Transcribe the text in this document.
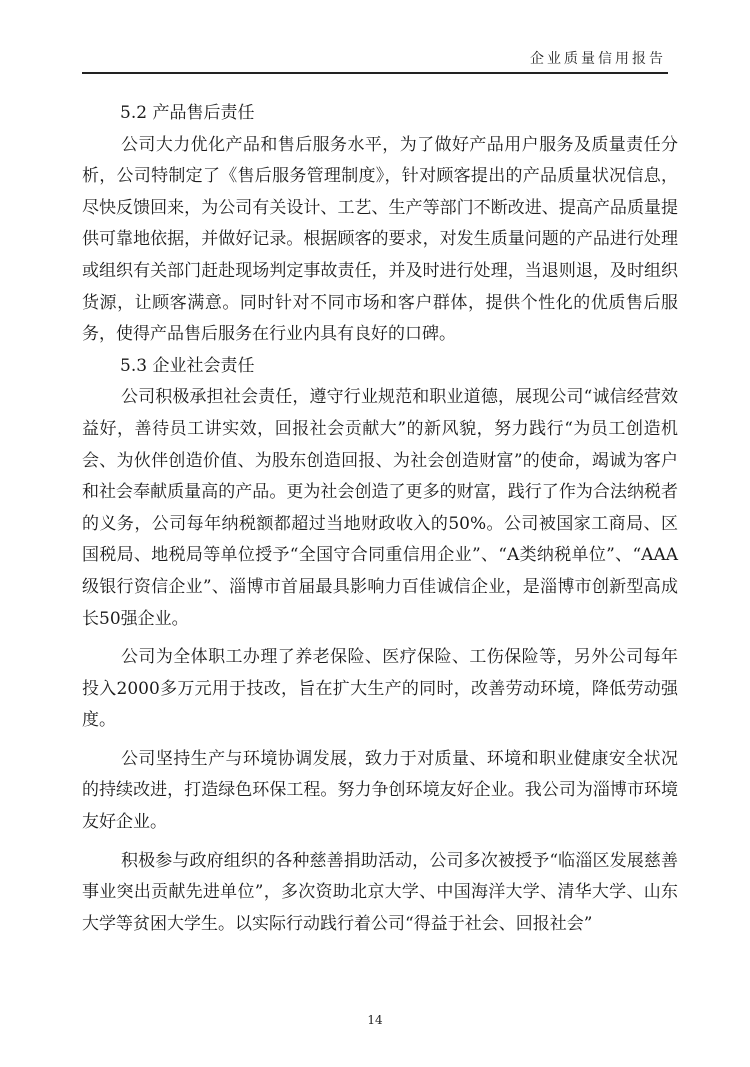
企业质量信用报告
5.2 产品售后责任

公司大力优化产品和售后服务水平，为了做好产品用户服务及质量责任分析，公司特制定了《售后服务管理制度》，针对顾客提出的产品质量状况信息，尽快反馈回来，为公司有关设计、工艺、生产等部门不断改进、提高产品质量提供可靠地依据，并做好记录。根据顾客的要求，对发生质量问题的产品进行处理或组织有关部门赶赴现场判定事故责任，并及时进行处理，当退则退，及时组织货源，让顾客满意。同时针对不同市场和客户群体，提供个性化的优质售后服务，使得产品售后服务在行业内具有良好的口碑。

5.3 企业社会责任

公司积极承担社会责任，遵守行业规范和职业道德，展现公司“诚信经营效益好，善待员工讲实效，回报社会贡献大”的新风貌，努力践行“为员工创造机会、为伙伴创造价值、为股东创造回报、为社会创造财富”的使命，竭诚为客户和社会奉献质量高的产品。更为社会创造了更多的财富，践行了作为合法纳税者的义务，公司每年纳税额都超过当地财政收入的50%。公司被国家工商局、区国税局、地税局等单位授予“全国守合同重信用企业”、“A类纳税单位”、“AAA级银行资信企业”、淄博市首届最具影响力百佳诚信企业，是淄博市创新型高成长50强企业。

公司为全体职工办理了养老保险、医疗保险、工伤保险等，另外公司每年投入2000多万元用于技改，旨在扩大生产的同时，改善劳动环境，降低劳动强度。

公司坚持生产与环境协调发展，致力于对质量、环境和职业健康安全状况的持续改进，打造绿色环保工程。努力争创环境友好企业。我公司为淄博市环境友好企业。

积极参与政府组织的各种慈善捐助活动，公司多次被授予“临淄区发展慈善事业突出贡献先进单位”，多次资助北京大学、中国海洋大学、清华大学、山东大学等贫困大学生。以实际行动践行着公司“得益于社会、回报社会”

14
